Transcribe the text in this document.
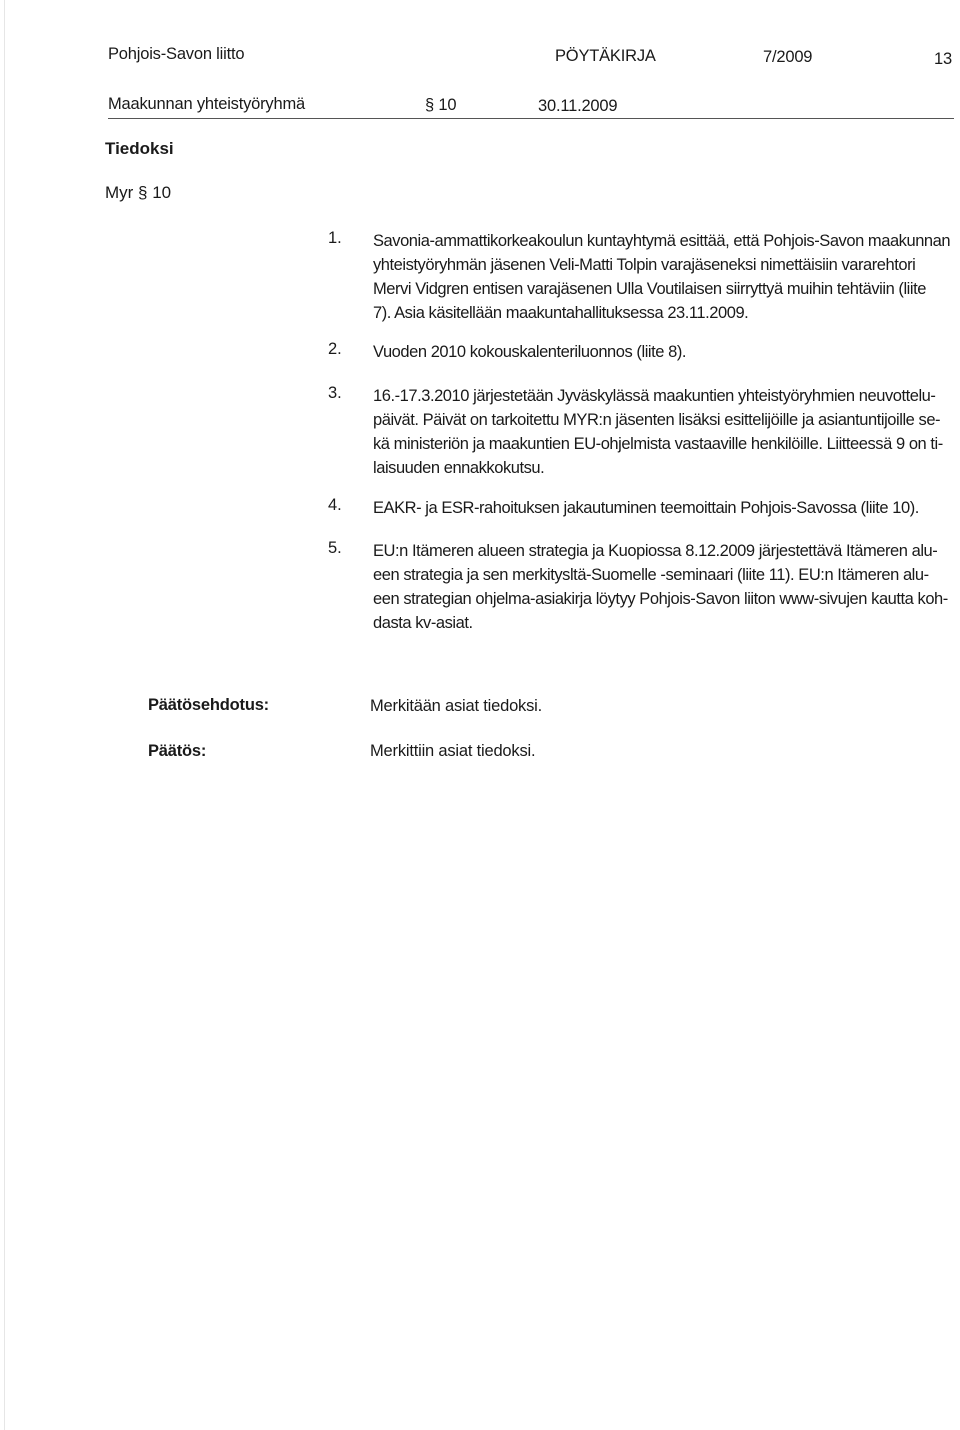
Pohjois-Savon liitto	PÖYTÄKIRJA	7/2009	13
Maakunnan yhteistyöryhmä	§ 10	30.11.2009
Tiedoksi
Myr § 10
1.	Savonia-ammattikorkeakoulun kuntayhtymä esittää, että Pohjois-Savon maakunnan
yhteistyöryhmän jäsenen Veli-Matti Tolpin varajäseneksi nimettäisiin vararehtori
Mervi Vidgren entisen varajäsenen Ulla Voutilaisen siirryttyä muihin tehtäviin (liite
7). Asia käsitellään maakuntahallituksessa 23.11.2009.
2.	Vuoden 2010 kokouskalenteriluonnos (liite 8).
3.	16.-17.3.2010 järjestetään Jyväskylässä maakuntien yhteistyöryhmien neuvottelu-
päivät. Päivät on tarkoitettu MYR:n jäsenten lisäksi esittelijöille ja asiantuntijoille se-
kä ministeriön ja maakuntien EU-ohjelmista vastaaville henkilöille. Liitteessä 9 on ti-
laisuuden ennakkokutsu.
4.	EAKR- ja ESR-rahoituksen jakautuminen teemoittain Pohjois-Savossa (liite 10).
5.	EU:n Itämeren alueen strategia ja Kuopiossa 8.12.2009 järjestettävä Itämeren alu-
een strategia ja sen merkitysltä-Suomelle -seminaari (liite 11). EU:n Itämeren alu-
een strategian ohjelma-asiakirja löytyy Pohjois-Savon liiton www-sivujen kautta koh-
dasta kv-asiat.
Päätösehdotus:	Merkitään asiat tiedoksi.
Päätös:	Merkittiin asiat tiedoksi.
